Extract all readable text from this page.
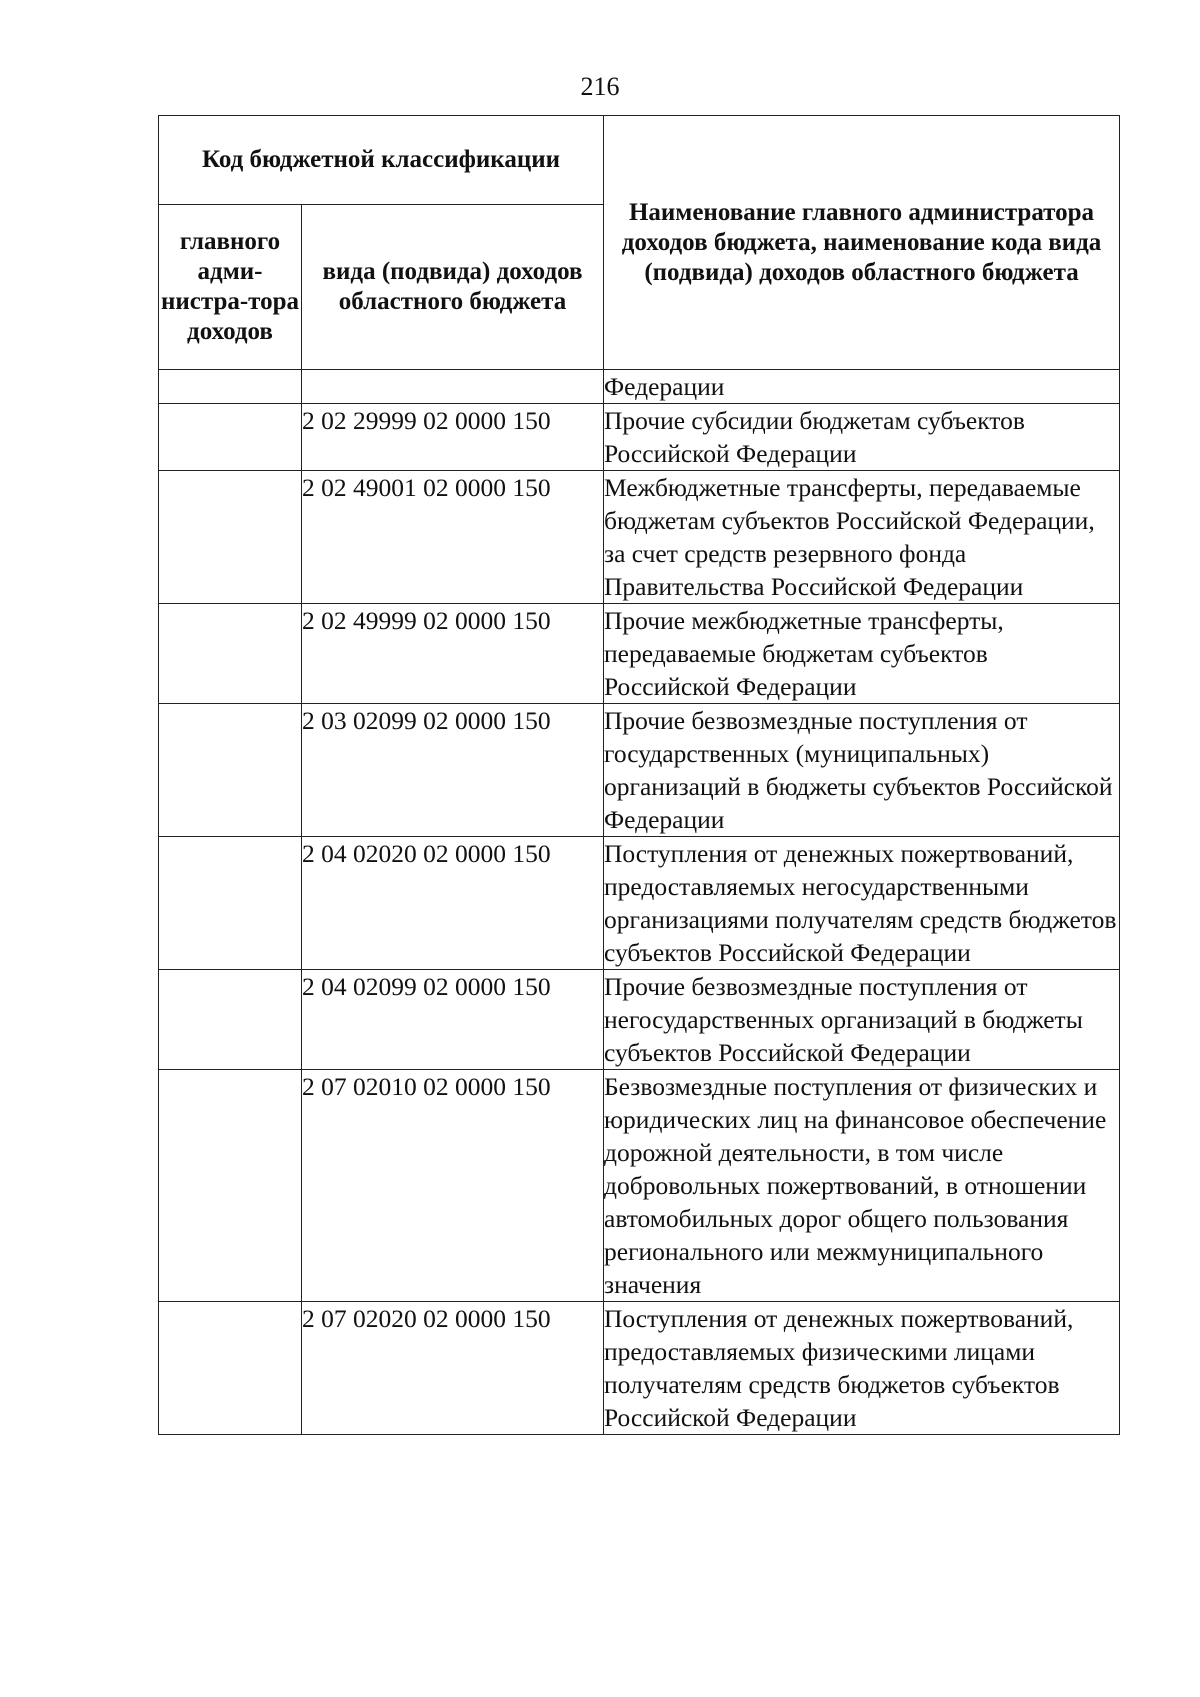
216
Код бюджетной классификации		Наименование главного администратора доходов бюджета, наименование кода вида (подвида) доходов областного бюджета
главного адми-нистра-тора доходов	вида (подвида) доходов областного бюджета	
		Федерации
	2 02 29999 02 0000 150	Прочие субсидии бюджетам субъектов Российской Федерации
	2 02 49001 02 0000 150	Межбюджетные трансферты, передаваемые бюджетам субъектов Российской Федерации, за счет средств резервного фонда Правительства Российской Федерации
	2 02 49999 02 0000 150	Прочие межбюджетные трансферты, передаваемые бюджетам субъектов Российской Федерации
	2 03 02099 02 0000 150	Прочие безвозмездные поступления от государственных (муниципальных) организаций в бюджеты субъектов Российской Федерации
	2 04 02020 02 0000 150	Поступления от денежных пожертвований, предоставляемых негосударственными организациями получателям средств бюджетов субъектов Российской Федерации
	2 04 02099 02 0000 150	Прочие безвозмездные поступления от негосударственных организаций в бюджеты субъектов Российской Федерации
	2 07 02010 02 0000 150	Безвозмездные поступления от физических и юридических лиц на финансовое обеспечение дорожной деятельности, в том числе добровольных пожертвований, в отношении автомобильных дорог общего пользования регионального или межмуниципального значения
	2 07 02020 02 0000 150	Поступления от денежных пожертвований, предоставляемых физическими лицами получателям средств бюджетов субъектов Российской Федерации
